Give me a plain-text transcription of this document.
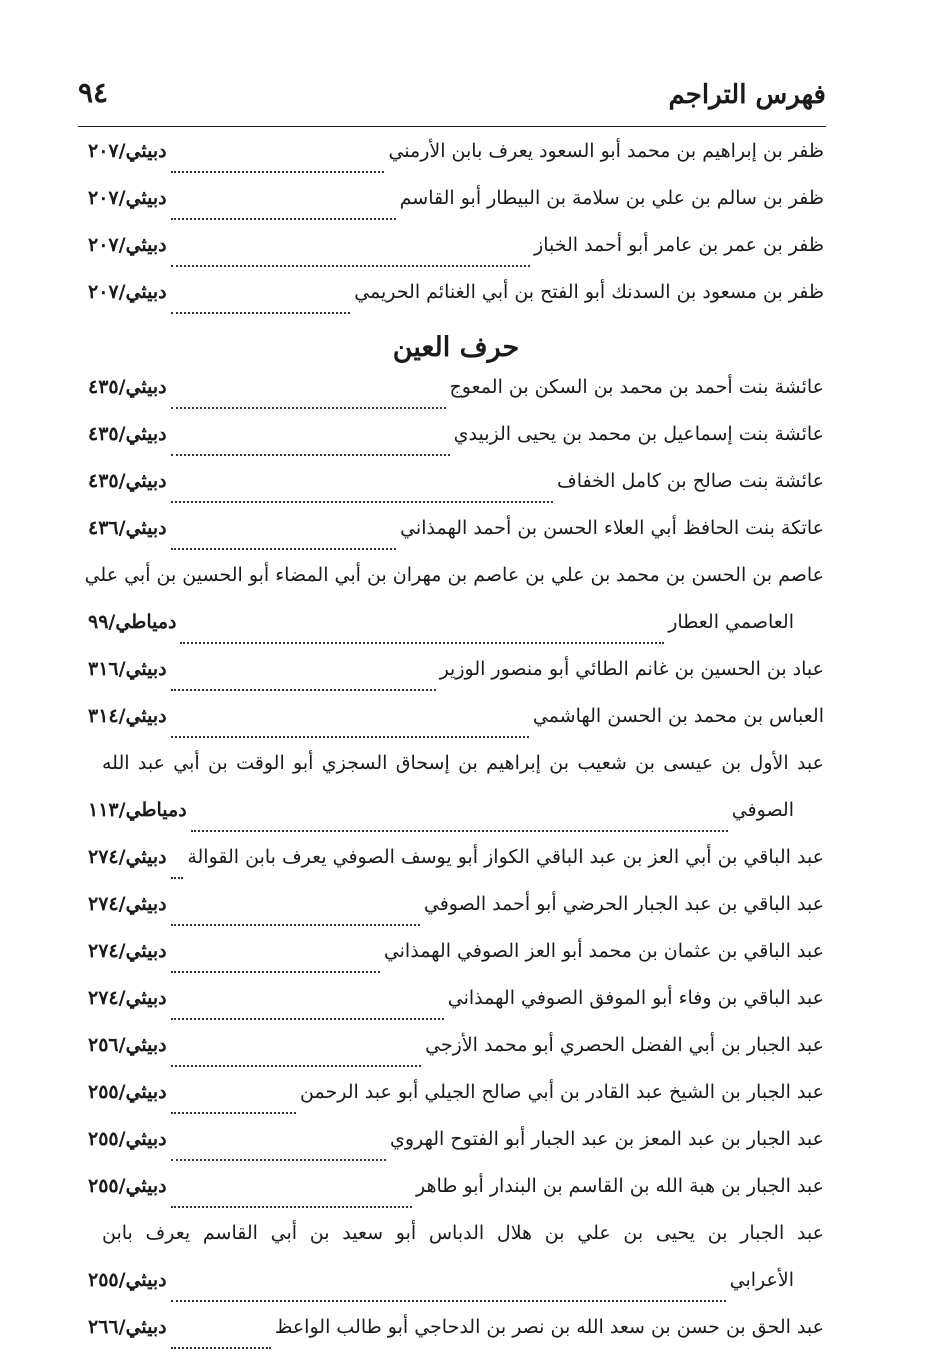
فهرس التراجم
٩٤
ظفر بن إبراهيم بن محمد أبو السعود يعرف بابن الأرمني
دبيثي/٢٠٧
ظفر بن سالم بن علي بن سلامة بن البيطار أبو القاسم
دبيثي/٢٠٧
ظفر بن عمر بن عامر أبو أحمد الخباز
دبيثي/٢٠٧
ظفر بن مسعود بن السدنك أبو الفتح بن أبي الغنائم الحريمي
دبيثي/٢٠٧
حرف العين
عائشة بنت أحمد بن محمد بن السكن بن المعوج
دبيثي/٤٣٥
عائشة بنت إسماعيل بن محمد بن يحيى الزبيدي
دبيثي/٤٣٥
عائشة بنت صالح بن كامل الخفاف
دبيثي/٤٣٥
عاتكة بنت الحافظ أبي العلاء الحسن بن أحمد الهمذاني
دبيثي/٤٣٦
عاصم بن الحسن بن محمد بن علي بن عاصم بن مهران بن أبي المضاء أبو الحسين بن أبي علي
العاصمي العطار
دمياطي/٩٩
عباد بن الحسين بن غانم الطائي أبو منصور الوزير
دبيثي/٣١٦
العباس بن محمد بن الحسن الهاشمي
دبيثي/٣١٤
عبد الأول بن عيسى بن شعيب بن إبراهيم بن إسحاق السجزي أبو الوقت بن أبي عبد الله
الصوفي
دمياطي/١١٣
عبد الباقي بن أبي العز بن عبد الباقي الكواز أبو يوسف الصوفي يعرف بابن القوالة
دبيثي/٢٧٤
عبد الباقي بن عبد الجبار الحرضي أبو أحمد الصوفي
دبيثي/٢٧٤
عبد الباقي بن عثمان بن محمد أبو العز الصوفي الهمذاني
دبيثي/٢٧٤
عبد الباقي بن وفاء أبو الموفق الصوفي الهمذاني
دبيثي/٢٧٤
عبد الجبار بن أبي الفضل الحصري أبو محمد الأزجي
دبيثي/٢٥٦
عبد الجبار بن الشيخ عبد القادر بن أبي صالح الجيلي أبو عبد الرحمن
دبيثي/٢٥٥
عبد الجبار بن عبد المعز بن عبد الجبار أبو الفتوح الهروي
دبيثي/٢٥٥
عبد الجبار بن هبة الله بن القاسم بن البندار أبو طاهر
دبيثي/٢٥٥
عبد الجبار بن يحيى بن علي بن هلال الدباس أبو سعيد بن أبي القاسم يعرف بابن
الأعرابي
دبيثي/٢٥٥
عبد الحق بن حسن بن سعد الله بن نصر بن الدحاجي أبو طالب الواعظ
دبيثي/٢٦٦
